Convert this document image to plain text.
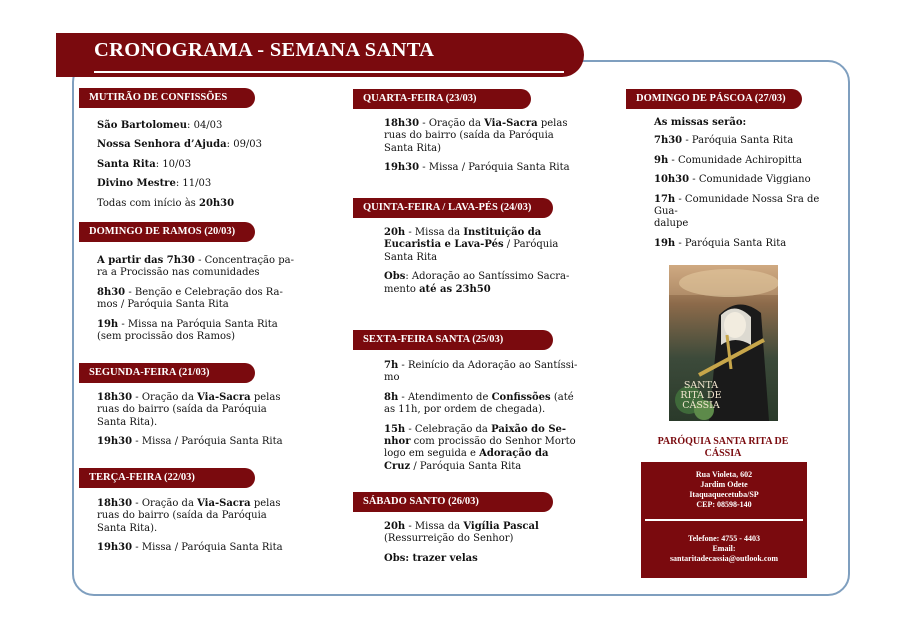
CRONOGRAMA - SEMANA SANTA
MUTIRÃO DE CONFISSÕES

São Bartolomeu: 04/03

Nossa Senhora d’Ajuda: 09/03

Santa Rita: 10/03

Divino Mestre: 11/03

Todas com início às 20h30

DOMINGO DE RAMOS (20/03)

A partir das 7h30 - Concentração pa-
ra a Procissão nas comunidades

8h30 - Benção e Celebração dos Ra-
mos / Paróquia Santa Rita

19h - Missa na Paróquia Santa Rita
(sem procissão dos Ramos)

SEGUNDA-FEIRA (21/03)

18h30 - Oração da Via-Sacra pelas
ruas do bairro (saída da Paróquia
Santa Rita).

19h30 - Missa / Paróquia Santa Rita

TERÇA-FEIRA (22/03)

18h30 - Oração da Via-Sacra pelas
ruas do bairro (saída da Paróquia
Santa Rita).

19h30 - Missa / Paróquia Santa Rita

QUARTA-FEIRA (23/03)

18h30 - Oração da Via-Sacra pelas
ruas do bairro (saída da Paróquia
Santa Rita)

19h30 - Missa / Paróquia Santa Rita

QUINTA-FEIRA / LAVA-PÉS (24/03)

20h - Missa da Instituição da
Eucaristia e Lava-Pés / Paróquia
Santa Rita

Obs: Adoração ao Santíssimo Sacra-
mento até as 23h50

SEXTA-FEIRA SANTA (25/03)

7h - Reinício da Adoração ao Santíssi-
mo

8h - Atendimento de Confissões (até
as 11h, por ordem de chegada).

15h - Celebração da Paixão do Se-
nhor com procissão do Senhor Morto
logo em seguida e Adoração da
Cruz / Paróquia Santa Rita

SÁBADO SANTO (26/03)

20h - Missa da Vigília Pascal
(Ressurreição do Senhor)

Obs: trazer velas

DOMINGO DE PÁSCOA (27/03)

As missas serão:

7h30 - Paróquia Santa Rita

9h - Comunidade Achiropitta

10h30 - Comunidade Viggiano

17h - Comunidade Nossa Sra de Gua-
dalupe

19h - Paróquia Santa Rita

SANTA
RITA DE
CÁSSIA
PARÓQUIA SANTA RITA DE CÁSSIA
Rua Violeta, 602
Jardim Odete
Itaquaquecetuba/SP
CEP: 08598-140
Telefone: 4755 - 4403
Email:
santaritadecassia@outlook.com
